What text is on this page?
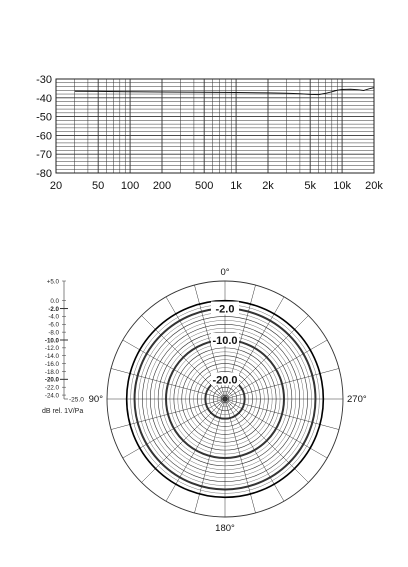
-30
-40
-50
-60
-70
-80
20	50 100 200 500 1k 2k	5k 10k 20k
+5.0
0.0
-2.0
-4.0
-6.0
-8.0
-10.0
-12.0
-14.0
-16.0
-18.0
-20.0
-22.0
-24.0
-25.0
dB rel. 1V/Pa
-2.0
-10.0
-20.0
0°
90°
180°
270°
